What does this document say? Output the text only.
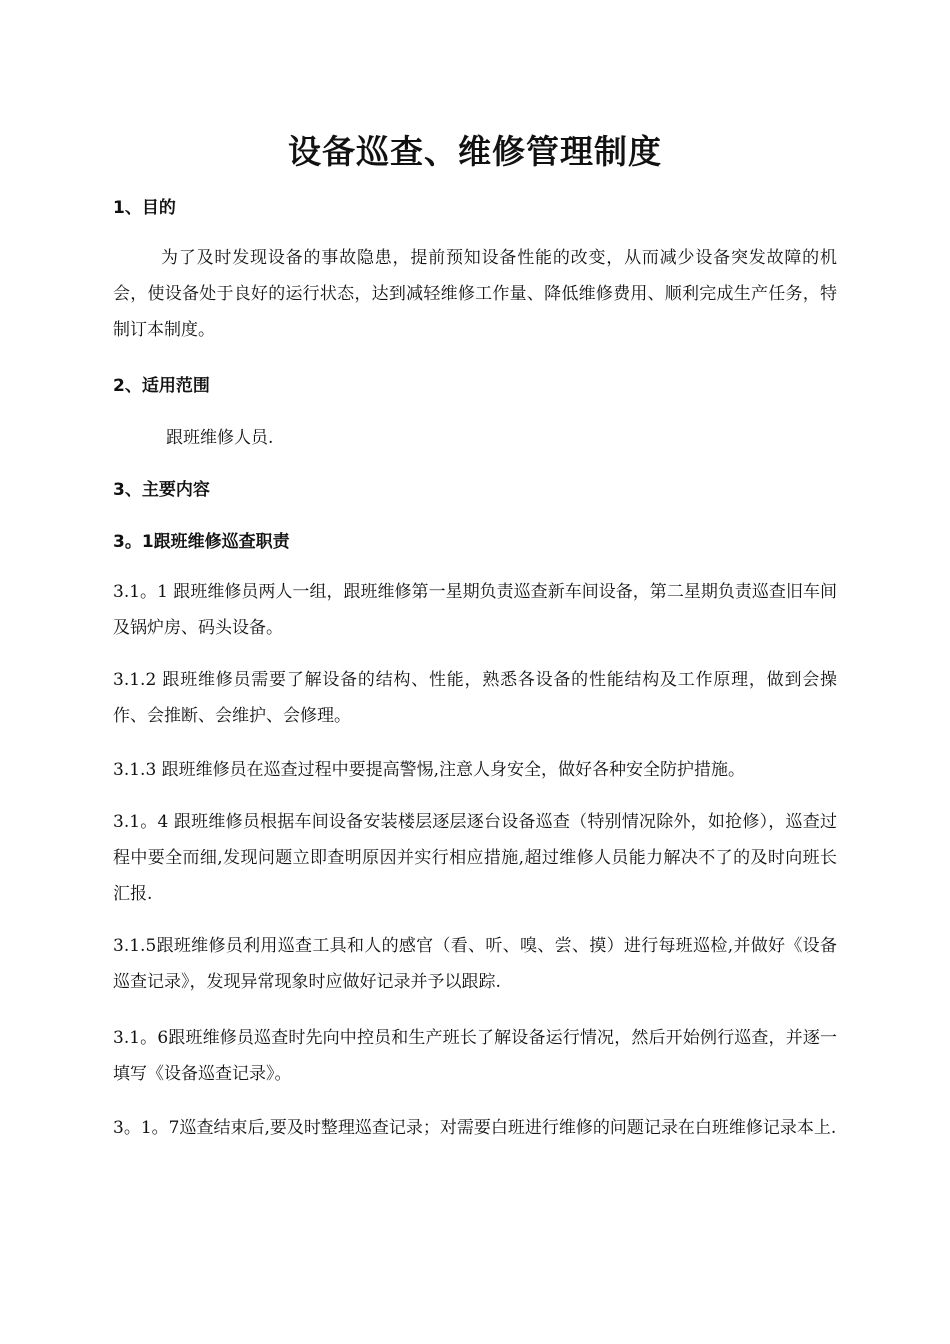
设备巡查、维修管理制度
1、目的
为了及时发现设备的事故隐患，提前预知设备性能的改变，从而减少设备突发故障的机会，使设备处于良好的运行状态，达到减轻维修工作量、降低维修费用、顺利完成生产任务，特制订本制度。
2、适用范围
跟班维修人员.
3、主要内容
3。1跟班维修巡查职责
3.1。1 跟班维修员两人一组，跟班维修第一星期负责巡查新车间设备，第二星期负责巡查旧车间及锅炉房、码头设备。
3.1.2 跟班维修员需要了解设备的结构、性能，熟悉各设备的性能结构及工作原理，做到会操作、会推断、会维护、会修理。
3.1.3 跟班维修员在巡查过程中要提高警惕,注意人身安全，做好各种安全防护措施。
3.1。4 跟班维修员根据车间设备安装楼层逐层逐台设备巡查（特别情况除外，如抢修），巡查过程中要全而细,发现问题立即查明原因并实行相应措施,超过维修人员能力解决不了的及时向班长汇报.
3.1.5跟班维修员利用巡查工具和人的感官（看、听、嗅、尝、摸）进行每班巡检,并做好《设备巡查记录》，发现异常现象时应做好记录并予以跟踪.
3.1。6跟班维修员巡查时先向中控员和生产班长了解设备运行情况，然后开始例行巡查，并逐一填写《设备巡查记录》。
3。1。7巡查结束后,要及时整理巡查记录；对需要白班进行维修的问题记录在白班维修记录本上.
